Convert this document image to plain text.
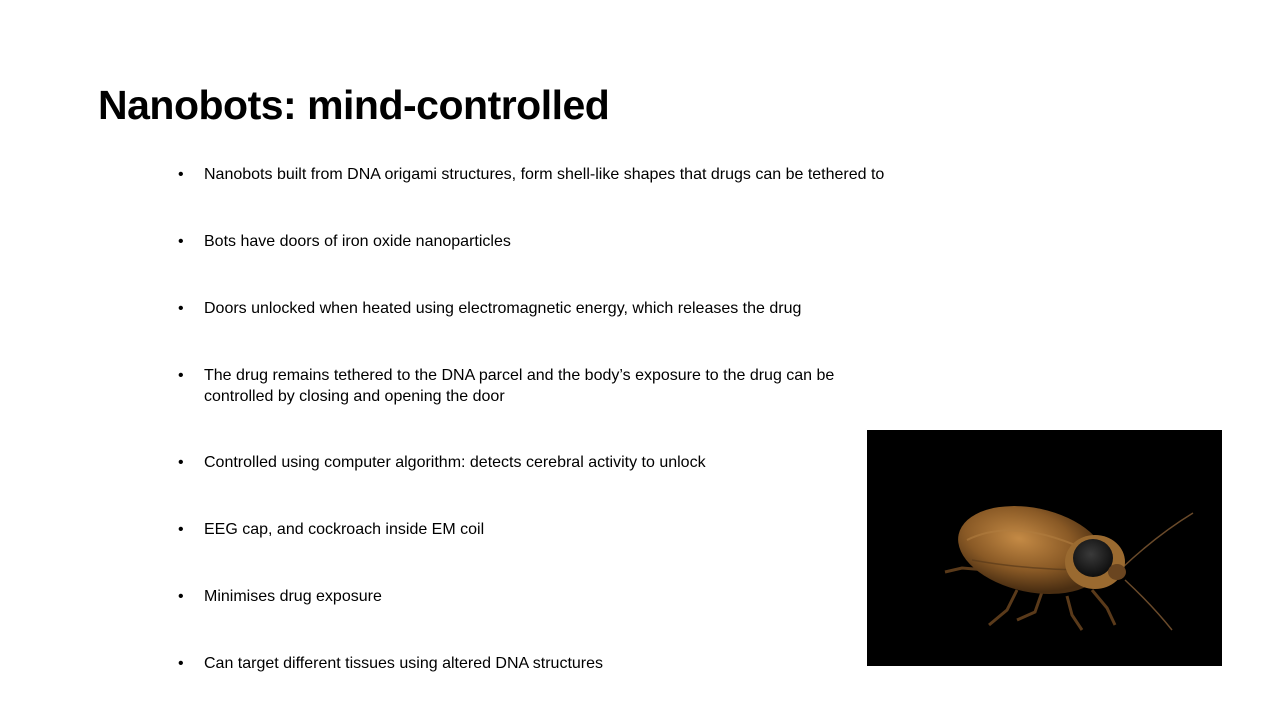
Nanobots: mind-controlled
•	Nanobots built from DNA origami structures, form shell-like shapes that drugs can be tethered to
•	Bots have doors of iron oxide nanoparticles
•	Doors unlocked when heated using electromagnetic energy, which releases the drug
•	The drug remains tethered to the DNA parcel and the body’s exposure to the drug can be controlled by closing and opening the door
•	Controlled using computer algorithm: detects cerebral activity to unlock
•	EEG cap, and cockroach inside EM coil
•	Minimises drug exposure
•	Can target different tissues using altered DNA structures
